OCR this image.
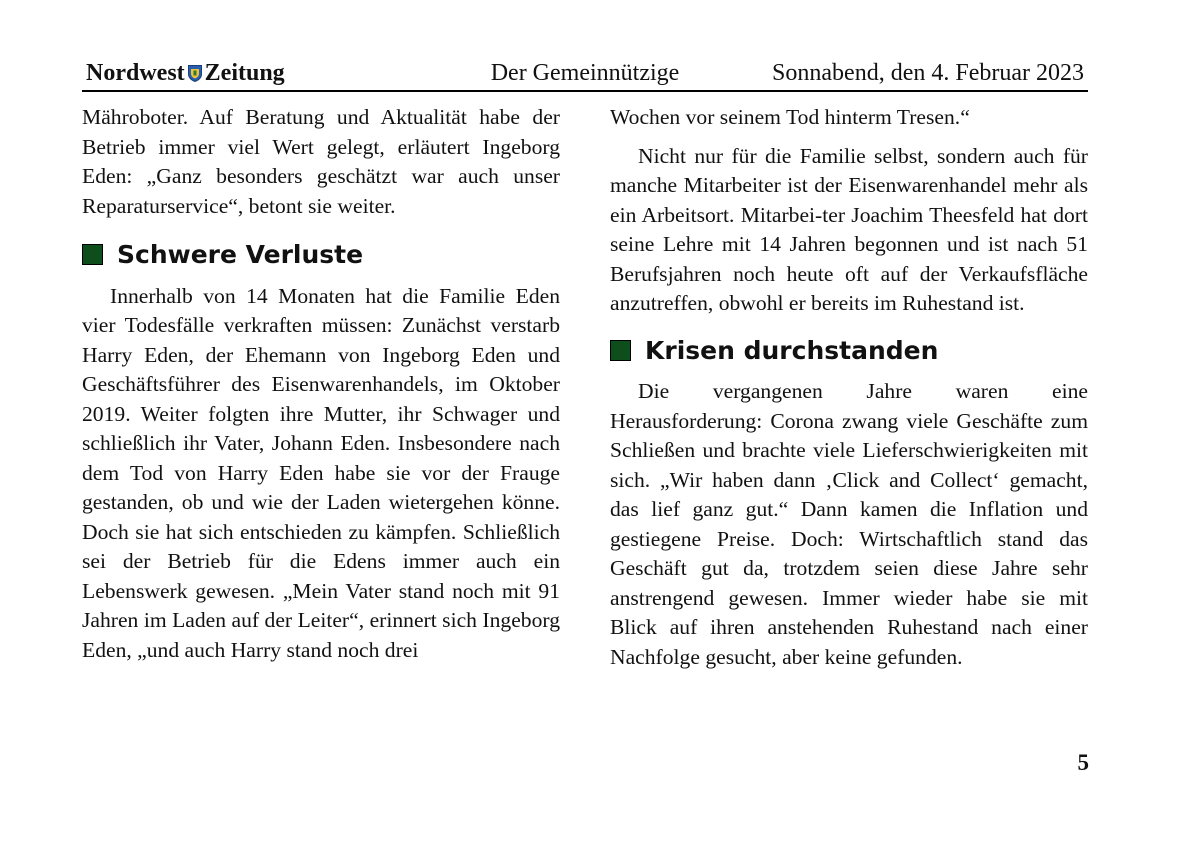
Der Gemeinnützige
Nordwest Zeitung	Sonnabend, den 4. Februar 2023

Mähroboter. Auf Beratung und Aktualität habe der Betrieb immer viel Wert gelegt, erläutert Ingeborg Eden: „Ganz besonders geschätzt war auch unser Reparaturservice“, betont sie weiter.

Schwere Verluste

Innerhalb von 14 Monaten hat die Familie Eden vier Todesfälle verkraften müssen: Zunächst verstarb Harry Eden, der Ehemann von Ingeborg Eden und Geschäftsführer des Eisenwarenhandels, im Oktober 2019. Weiter folgten ihre Mutter, ihr Schwager und schließlich ihr Vater, Johann Eden. Insbesondere nach dem Tod von Harry Eden habe sie vor der Frauge gestanden, ob und wie der Laden wietergehen könne. Doch sie hat sich entschieden zu kämpfen. Schließlich sei der Betrieb für die Edens immer auch ein Lebenswerk gewesen. „Mein Vater stand noch mit 91 Jahren im Laden auf der Leiter“, erinnert sich Ingeborg Eden, „und auch Harry stand noch drei

Wochen vor seinem Tod hinterm Tresen.“

Nicht nur für die Familie selbst, sondern auch für manche Mitarbeiter ist der Eisenwarenhandel mehr als ein Arbeitsort. Mitarbei-ter Joachim Theesfeld hat dort seine Lehre mit 14 Jahren begonnen und ist nach 51 Berufsjahren noch heute oft auf der Verkaufsfläche anzutreffen, obwohl er bereits im Ruhestand ist.

Krisen durchstanden

Die vergangenen Jahre waren eine Herausforderung: Corona zwang viele Geschäfte zum Schließen und brachte viele Lieferschwierigkeiten mit sich. „Wir haben dann ‚Click and Collect‘ gemacht, das lief ganz gut.“ Dann kamen die Inflation und gestiegene Preise. Doch: Wirtschaftlich stand das Geschäft gut da, trotzdem seien diese Jahre sehr anstrengend gewesen. Immer wieder habe sie mit Blick auf ihren anstehenden Ruhestand nach einer Nachfolge gesucht, aber keine gefunden.

5
